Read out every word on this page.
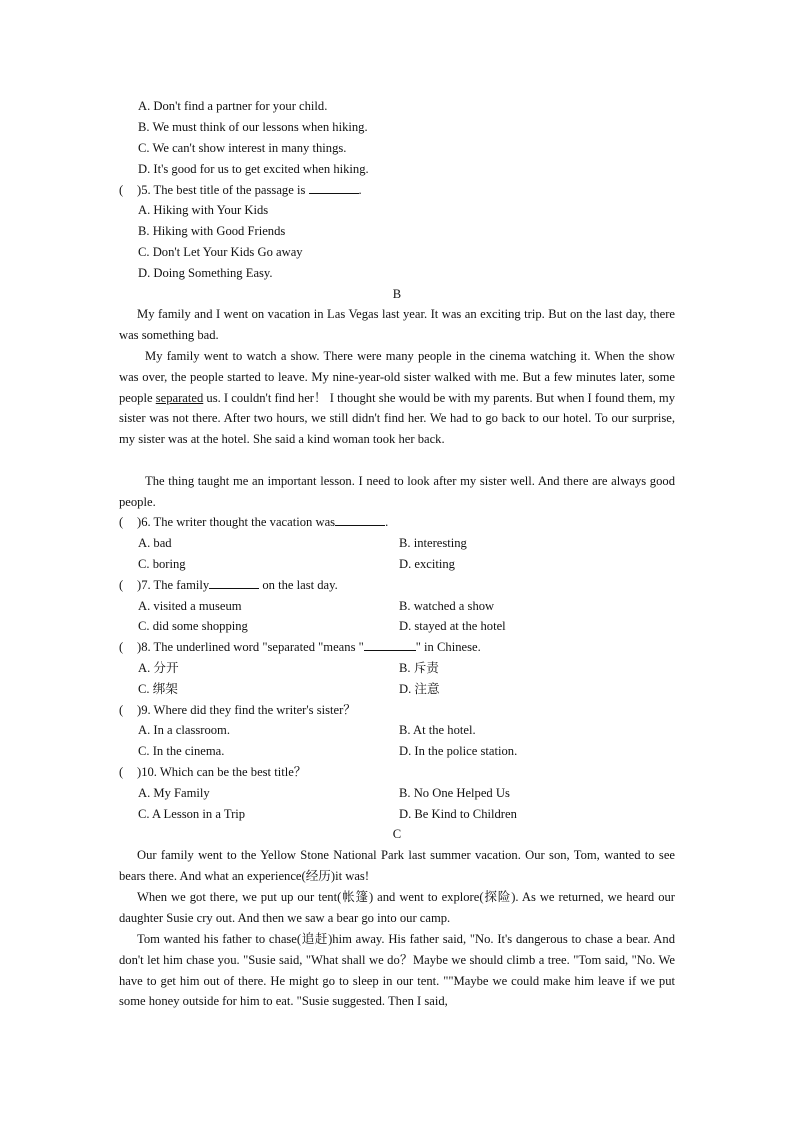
A. Don't find a partner for your child.
B. We must think of our lessons when hiking.
C. We can't show interest in many things.
D. It's good for us to get excited when hiking.
( )5. The best title of the passage is	.
A. Hiking with Your Kids
B. Hiking with Good Friends
C. Don't Let Your Kids Go away
D. Doing Something Easy.
B
My family and I went on vacation in Las Vegas last year. It was an exciting trip. But on the last day, there was something bad.
My family went to watch a show. There were many people in the cinema watching it. When the show was over, the people started to leave. My nine-year-old sister walked with me. But a few minutes later, some people separated us. I couldn't find her！ I thought she would be with my parents. But when I found them, my sister was not there. After two hours, we still didn't find her. We had to go back to our hotel. To our surprise, my sister was at the hotel. She said a kind woman took her back.
The thing taught me an important lesson. I need to look after my sister well. And there are always good people.
( )6. The writer thought the vacation was	.
A. bad	B. interesting
C. boring	D. exciting
( )7. The family	on the last day.
A. visited a museum	B. watched a show
C. did some shopping	D. stayed at the hotel
( )8. The underlined word "separated "means "	" in Chinese.
A. 分开	B. 斥责
C. 绑架	D. 注意
( )9. Where did they find the writer's sister？
A. In a classroom.	B. At the hotel.
C. In the cinema.	D. In the police station.
( )10. Which can be the best title？
A. My Family	B. No One Helped Us
C. A Lesson in a Trip	D. Be Kind to Children
C
Our family went to the Yellow Stone National Park last summer vacation. Our son, Tom, wanted to see bears there. And what an experience(经历)it was!
When we got there, we put up our tent(帐篷) and went to explore(探险). As we returned, we heard our daughter Susie cry out. And then we saw a bear go into our camp.
Tom wanted his father to chase(追赶)him away. His father said, "No. It's dangerous to chase a bear. And don't let him chase you. "Susie said, "What shall we do？Maybe we should climb a tree. "Tom said, "No. We have to get him out of there. He might go to sleep in our tent. ""Maybe we could make him leave if we put some honey outside for him to eat. "Susie suggested. Then I said,
